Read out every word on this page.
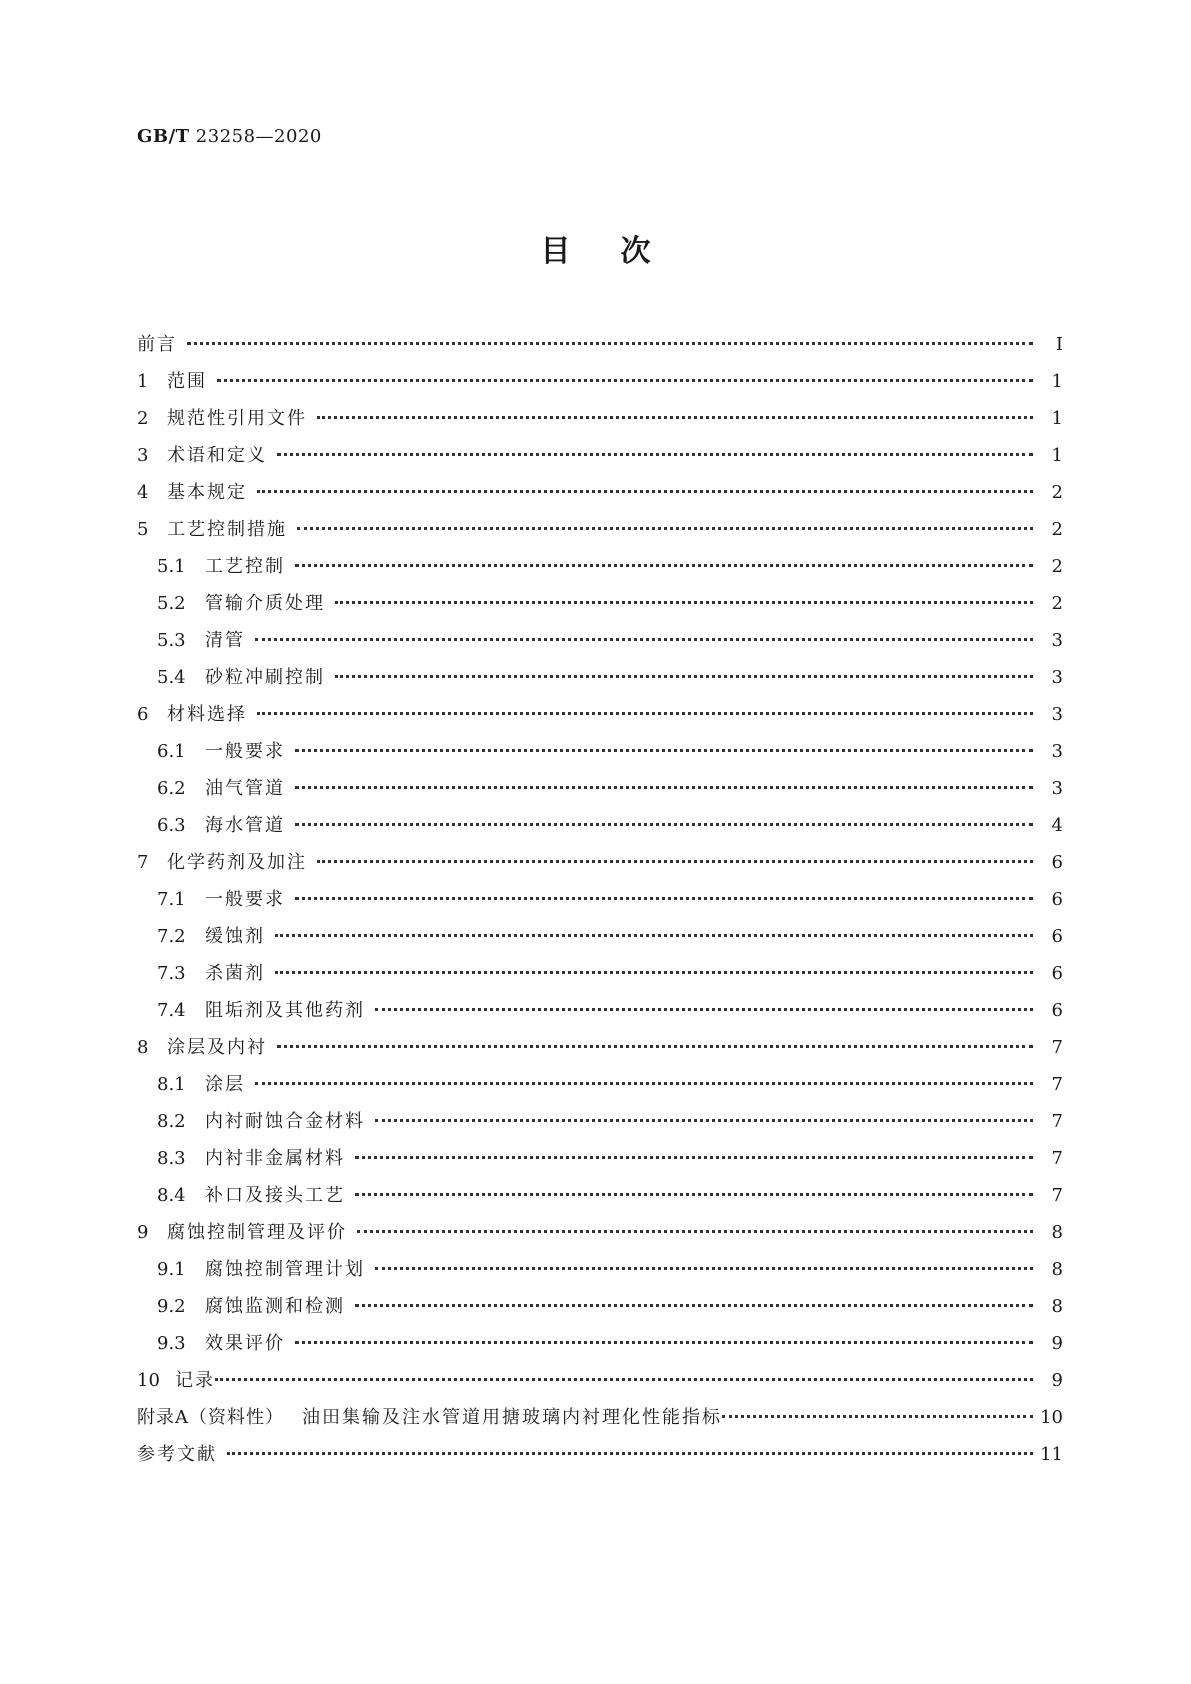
GB/T 23258—2020
目次
前言	Ⅰ
1	范围	1
2	规范性引用文件	1
3	术语和定义	1
4	基本规定	2
5	工艺控制措施	2
5.1	工艺控制	2
5.2	管输介质处理	2
5.3	清管	3
5.4	砂粒冲刷控制	3
6	材料选择	3
6.1	一般要求	3
6.2	油气管道	3
6.3	海水管道	4
7	化学药剂及加注	6
7.1	一般要求	6
7.2	缓蚀剂	6
7.3	杀菌剂	6
7.4	阻垢剂及其他药剂	6
8	涂层及内衬	7
8.1	涂层	7
8.2	内衬耐蚀合金材料	7
8.3	内衬非金属材料	7
8.4	补口及接头工艺	7
9	腐蚀控制管理及评价	8
9.1	腐蚀控制管理计划	8
9.2	腐蚀监测和检测	8
9.3	效果评价	9
10 记录	9
附录A（资料性） 油田集输及注水管道用搪玻璃内衬理化性能指标	10
参考文献	11
